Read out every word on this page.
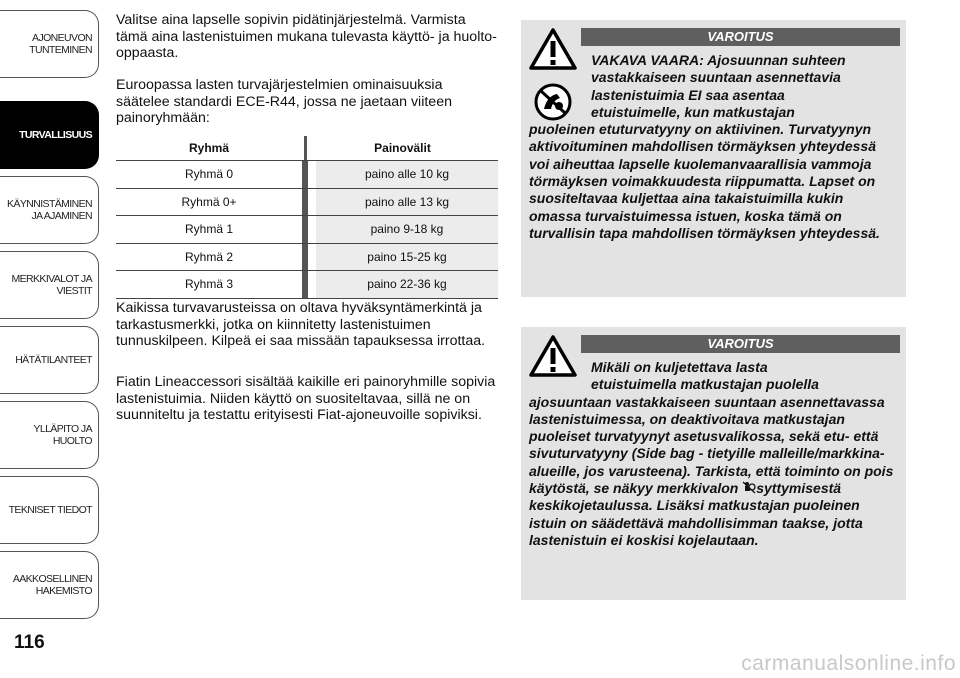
AJONEUVON
TUNTEMINEN
TURVALLISUUS
KÄYNNISTÄMINEN
JA AJAMINEN
MERKKIVALOT JA
VIESTIT
HÄTÄTILANTEET
YLLÄPITO JA HUOLTO
TEKNISET TIEDOT
AAKKOSELLINEN
HAKEMISTO
116
Valitse aina lapselle sopivin pidätinjärjestelmä. Varmista tämä aina lastenistuimen mukana tulevasta käyttö- ja huolto-oppaasta.
Euroopassa lasten turvajärjestelmien ominaisuuksia säätelee standardi ECE-R44, jossa ne jaetaan viiteen painoryhmään:
Ryhmä	Painovälit
Ryhmä 0	paino alle 10 kg
Ryhmä 0+	paino alle 13 kg
Ryhmä 1	paino 9-18 kg
Ryhmä 2	paino 15-25 kg
Ryhmä 3	paino 22-36 kg
Kaikissa turvavarusteissa on oltava hyväksyntämerkintä ja tarkastusmerkki, jotka on kiinnitetty lastenistuimen tunnuskilpeen. Kilpeä ei saa missään tapauksessa irrottaa.
Fiatin Lineaccessori sisältää kaikille eri painoryhmille sopivia lastenistuimia. Niiden käyttö on suositeltavaa, sillä ne on suunniteltu ja testattu erityisesti Fiat-ajoneuvoille sopiviksi.
VAROITUS
VAKAVA VAARA: Ajosuunnan suhteen
vastakkaiseen suuntaan asennettavia
lastenistuimia EI saa asentaa
etuistuimelle, kun matkustajan
puoleinen etuturvatyyny on aktiivinen. Turvatyynyn aktivoituminen mahdollisen törmäyksen yhteydessä voi aiheuttaa lapselle kuolemanvaarallisia vammoja törmäyksen voimakkuudesta riippumatta. Lapset on suositeltavaa kuljettaa aina takaistuimilla kukin omassa turvaistuimessa istuen, koska tämä on turvallisin tapa mahdollisen törmäyksen yhteydessä.
VAROITUS
Mikäli on kuljetettava lasta
etuistuimella matkustajan puolella
ajosuuntaan vastakkaiseen suuntaan asennettavassa lastenistuimessa, on deaktivoitava matkustajan puoleiset turvatyynyt asetusvalikossa, sekä etu- että sivuturvatyyny (Side bag - tietyille malleille/markkina-alueille, jos varusteena). Tarkista, että toiminto on pois käytöstä, se näkyy merkkivalon syttymisestä keskikojetaulussa. Lisäksi matkustajan puoleinen istuin on säädettävä mahdollisimman taakse, jotta lastenistuin ei koskisi kojelautaan.
carmanualsonline.info
